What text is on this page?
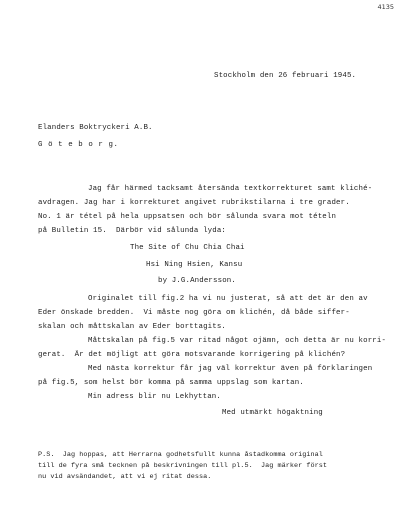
4135
Stockholm den 26 februari 1945.
Elanders Boktryckeri A.B.
G ö t e b o r g.
Jag får härmed tacksamt återsända textkorrekturet samt kliché-
avdragen. Jag har i korrekturet angivet rubrikstilarna i tre grader.
No. 1 är tétel på hela uppsatsen och bör sålunda svara mot tételn
på Bulletin 15.  Därbör vid sålunda lyda:
The Site of Chu Chia Chai
Hsi Ning Hsien, Kansu
by J.G.Andersson.
Originalet till fig.2 ha vi nu justerat, så att det är den av
Eder önskade bredden.  Vi måste nog göra om klichén, då både siffer-
skalan och måttskalan av Eder borttagits.
Måttskalan på fig.5 var ritad något ojämn, och detta är nu korri-
gerat.  Är det möjligt att göra motsvarande korrigering på klichén?
Med nästa korrektur får jag väl korrektur även på förklaringen
på fig.5, som helst bör komma på samma uppslag som kartan.
Min adress blir nu Lekhyttan.
Med utmärkt högaktning
P.S.  Jag hoppas, att Herrarna godhetsfullt kunna åstadkomma original
till de fyra små tecknen på beskrivningen till pl.5.  Jag märker först
nu vid avsändandet, att vi ej ritat dessa.
